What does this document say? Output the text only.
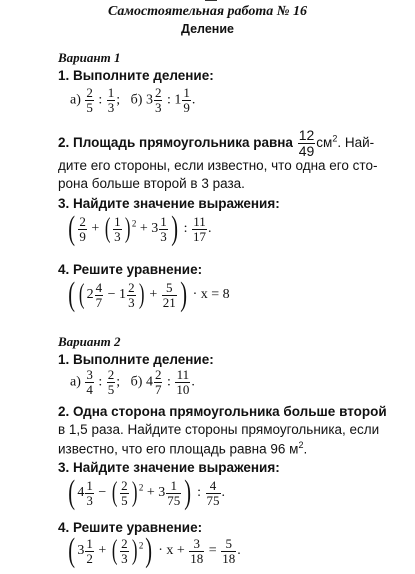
Самостоятельная работа № 16
Деление
Вариант 1
1. Выполните деление:
$а) \frac{2}{5}$ : $\frac{1}{3}$ ;   б) $3 \frac{2}{3}$ : $1 \frac{1}{9}$ .
2. Площадь прямоугольника равна $\frac{12}{49} см^2$. Най-
дите его стороны, если известно, что одна его сто-
рона больше второй в 3 раза.
3. Найдите значение выражения:
( $\frac{2}{9}$ + ( $\frac{1}{3}$ ) $^2 + 3 \frac{1}{3}$ ) : $\frac{11}{17}$ .
4. Решите уравнение:
( ( $2 \frac{4}{7} - 1 \frac{2}{3}$ ) + $\frac{5}{21}$ ) · x = 8
Вариант 2
1. Выполните деление:
$а) \frac{3}{4}$ : $\frac{2}{5}$ ;   б) $4 \frac{2}{7}$ : $\frac{11}{10}$ .
2. Одна сторона прямоугольника больше второй
в 1,5 раза. Найдите стороны прямоугольника, если
известно, что его площадь равна 96 $м^2$.
3. Найдите значение выражения:
( $4 \frac{1}{3}$ − ( $\frac{2}{5}$ ) $^2 + 3 \frac{1}{75}$ ) : $\frac{4}{75}$ .
4. Решите уравнение:
( $3 \frac{1}{2}$ + ( $\frac{2}{3}$ ) $^2) \cdot x + \frac{3}{18} = \frac{5}{18}$ .
